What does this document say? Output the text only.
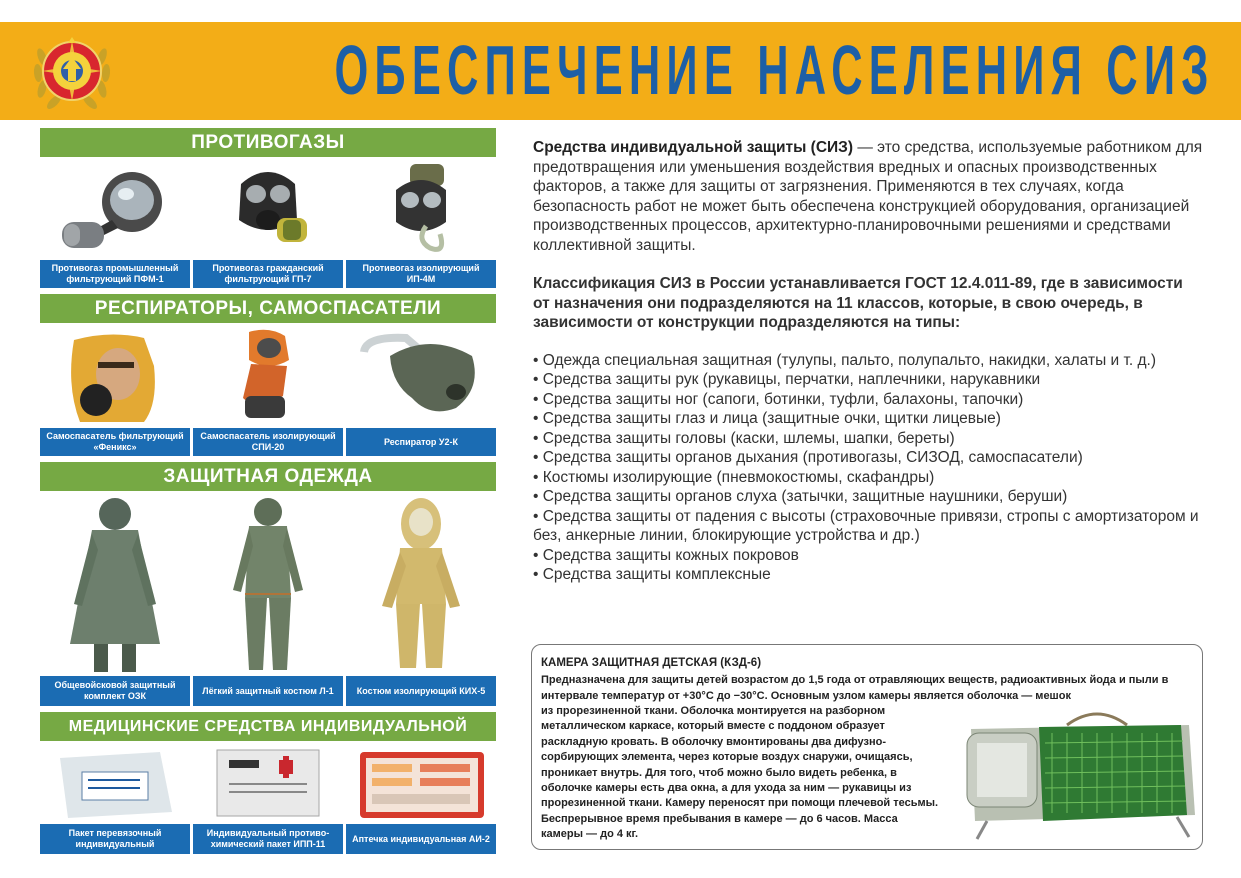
ОБЕСПЕЧЕНИЕ НАСЕЛЕНИЯ СИЗ
ПРОТИВОГАЗЫ
Противогаз промышленный фильтрующий ПФМ-1
Противогаз гражданский фильтрующий ГП-7
Противогаз изолирующий ИП-4М
РЕСПИРАТОРЫ, САМОСПАСАТЕЛИ
Самоспасатель фильтрующий «Феникс»
Самоспасатель изолирующий СПИ-20
Респиратор У2-К
ЗАЩИТНАЯ ОДЕЖДА
Общевойсковой защитный комплект ОЗК
Лёгкий защитный костюм Л-1	Костюм изолирующий КИХ-5
МЕДИЦИНСКИЕ СРЕДСТВА ИНДИВИДУАЛЬНОЙ
Пакет перевязочный индивидуальный
Индивидуальный противо-химический пакет ИПП-11
Аптечка индивидуальная АИ-2

Средства индивидуальной защиты (СИЗ) — это средства, используемые работником для предотвращения или уменьшения воздействия вредных и опасных производственных факторов, а также для защиты от загрязнения. Применяются в тех случаях, когда безопасность работ не может быть обеспечена конструкцией оборудования, организацией производственных процессов, архитектурно-планировочными решениями и средствами коллективной защиты.

Классификация СИЗ в России устанавливается ГОСТ 12.4.011-89, где в зависимости от назначения они подразделяются на 11 классов, которые, в свою очередь, в зависимости от конструкции подразделяются на типы:

• Одежда специальная защитная (тулупы, пальто, полупальто, накидки, халаты и т. д.)
• Средства защиты рук (рукавицы, перчатки, наплечники, нарукавники
• Средства защиты ног (сапоги, ботинки, туфли, балахоны, тапочки)
• Средства защиты глаз и лица (защитные очки, щитки лицевые)
• Средства защиты головы (каски, шлемы, шапки, береты)
• Средства защиты органов дыхания (противогазы, СИЗОД, самоспасатели)
• Костюмы изолирующие (пневмокостюмы, скафандры)
• Средства защиты органов слуха (затычки, защитные наушники, беруши)
• Средства защиты от падения с высоты (страховочные привязи, стропы с амортизатором и без, анкерные линии, блокирующие устройства и др.)
• Средства защиты кожных покровов
• Средства защиты комплексные
КАМЕРА ЗАЩИТНАЯ ДЕТСКАЯ (КЗД-6)
Предназначена для защиты детей возрастом до 1,5 года от отравляющих веществ, радиоактивных йода и пыли в интервале температур от +30°С до −30°С. Основным узлом камеры является оболочка — мешок
из прорезиненной ткани. Оболочка монтируется на разборном металлическом каркасе, который вместе с поддоном образует раскладную кровать. В оболочку вмонтированы два дифузно-сорбирующих элемента, через которые воздух снаружи, очищаясь, проникает внутрь. Для того, чтоб можно было видеть ребенка, в оболочке камеры есть два окна, а для ухода за ним — рукавицы из прорезиненной ткани. Камеру переносят при помощи плечевой тесьмы. Беспрерывное время пребывания в камере — до 6 часов. Масса камеры — до 4 кг.
